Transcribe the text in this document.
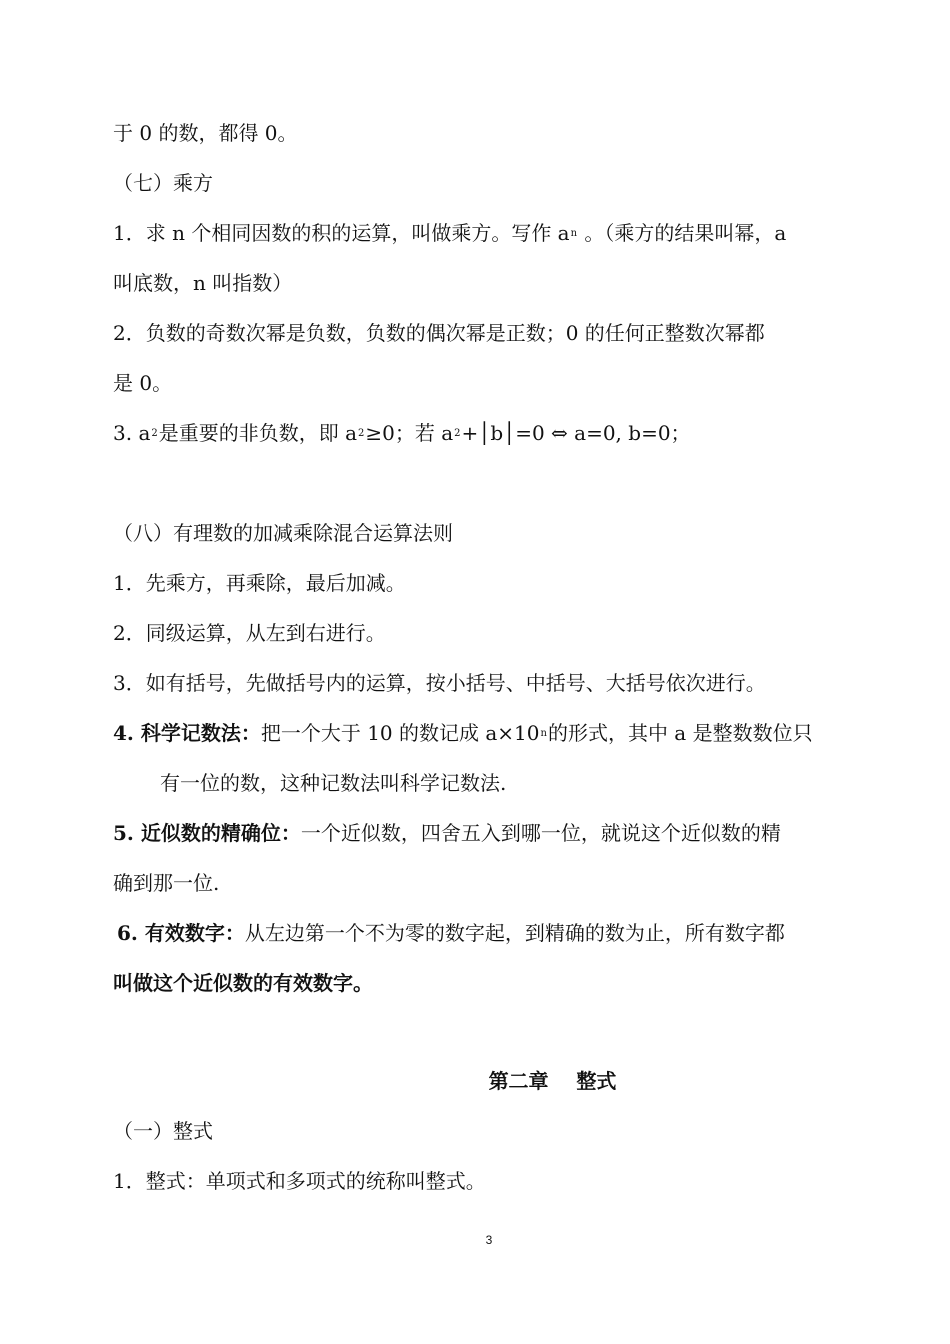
于 0 的数，都得 0。
（七）乘方
1．求 n 个相同因数的积的运算，叫做乘方。写作 $a^n$ 。（乘方的结果叫幂，a
叫底数，n 叫指数）
2．负数的奇数次幂是负数，负数的偶次幂是正数；0 的任何正整数次幂都
是 0。
3. $a^2$是重要的非负数，即 $a^2\ge 0$；若 $a^2+│b│=0$ ⇔ a=0, b=0；
（八）有理数的加减乘除混合运算法则
1．先乘方，再乘除，最后加减。
2．同级运算，从左到右进行。
3．如有括号，先做括号内的运算，按小括号、中括号、大括号依次进行。
4. 科学记数法：把一个大于 10 的数记成 $a\times 10^n$的形式，其中 a 是整数数位只
有一位的数，这种记数法叫科学记数法.
5. 近似数的精确位：一个近似数，四舍五入到哪一位，就说这个近似数的精
确到那一位.
6. 有效数字：从左边第一个不为零的数字起，到精确的数为止，所有数字都
叫做这个近似数的有效数字。
第二章    整式
（一）整式
1．整式：单项式和多项式的统称叫整式。
3
